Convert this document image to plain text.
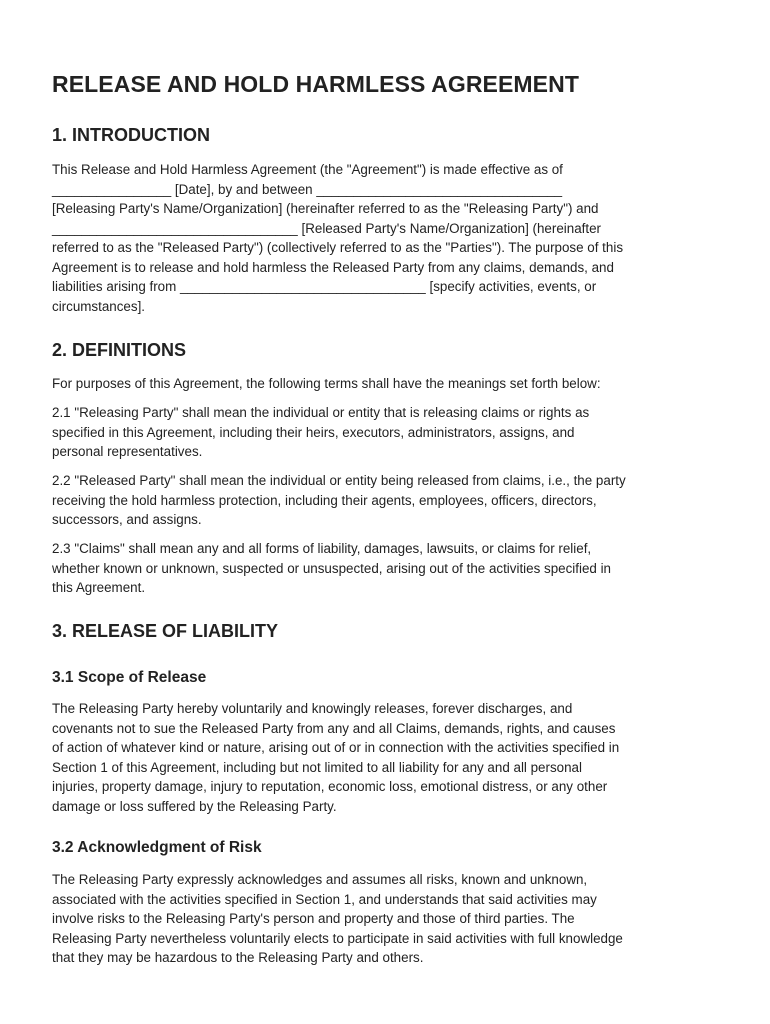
RELEASE AND HOLD HARMLESS AGREEMENT
1. INTRODUCTION
This Release and Hold Harmless Agreement (the "Agreement") is made effective as of
________________ [Date], by and between _________________________________
[Releasing Party's Name/Organization] (hereinafter referred to as the "Releasing Party") and
_________________________________ [Released Party's Name/Organization] (hereinafter
referred to as the "Released Party") (collectively referred to as the "Parties"). The purpose of this
Agreement is to release and hold harmless the Released Party from any claims, demands, and
liabilities arising from _________________________________ [specify activities, events, or
circumstances].
2. DEFINITIONS
For purposes of this Agreement, the following terms shall have the meanings set forth below:
2.1 "Releasing Party" shall mean the individual or entity that is releasing claims or rights as
specified in this Agreement, including their heirs, executors, administrators, assigns, and
personal representatives.
2.2 "Released Party" shall mean the individual or entity being released from claims, i.e., the party
receiving the hold harmless protection, including their agents, employees, officers, directors,
successors, and assigns.
2.3 "Claims" shall mean any and all forms of liability, damages, lawsuits, or claims for relief,
whether known or unknown, suspected or unsuspected, arising out of the activities specified in
this Agreement.
3. RELEASE OF LIABILITY
3.1 Scope of Release
The Releasing Party hereby voluntarily and knowingly releases, forever discharges, and
covenants not to sue the Released Party from any and all Claims, demands, rights, and causes
of action of whatever kind or nature, arising out of or in connection with the activities specified in
Section 1 of this Agreement, including but not limited to all liability for any and all personal
injuries, property damage, injury to reputation, economic loss, emotional distress, or any other
damage or loss suffered by the Releasing Party.
3.2 Acknowledgment of Risk
The Releasing Party expressly acknowledges and assumes all risks, known and unknown,
associated with the activities specified in Section 1, and understands that said activities may
involve risks to the Releasing Party's person and property and those of third parties. The
Releasing Party nevertheless voluntarily elects to participate in said activities with full knowledge
that they may be hazardous to the Releasing Party and others.
